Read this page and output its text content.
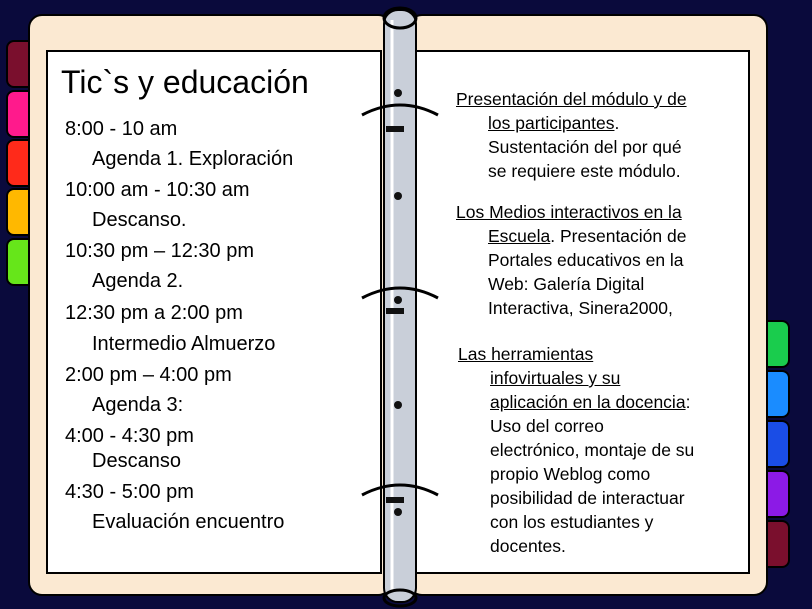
Tic`s y educación
8:00 - 10 am
Agenda 1. Exploración
10:00 am - 10:30 am
Descanso.
10:30 pm – 12:30 pm
Agenda 2.
12:30 pm a 2:00 pm
Intermedio Almuerzo
2:00 pm – 4:00 pm
Agenda 3:
4:00 - 4:30 pm
Descanso
4:30 - 5:00 pm
Evaluación encuentro
Presentación del módulo y de
los participantes.
Sustentación del por qué
se requiere este módulo.
Los Medios interactivos en la
Escuela. Presentación de
Portales educativos en la
Web: Galería Digital
Interactiva, Sinera2000,
Las herramientas
infovirtuales y su
aplicación en la docencia:
Uso del correo
electrónico, montaje de su
propio Weblog como
posibilidad de interactuar
con los estudiantes y
docentes.
